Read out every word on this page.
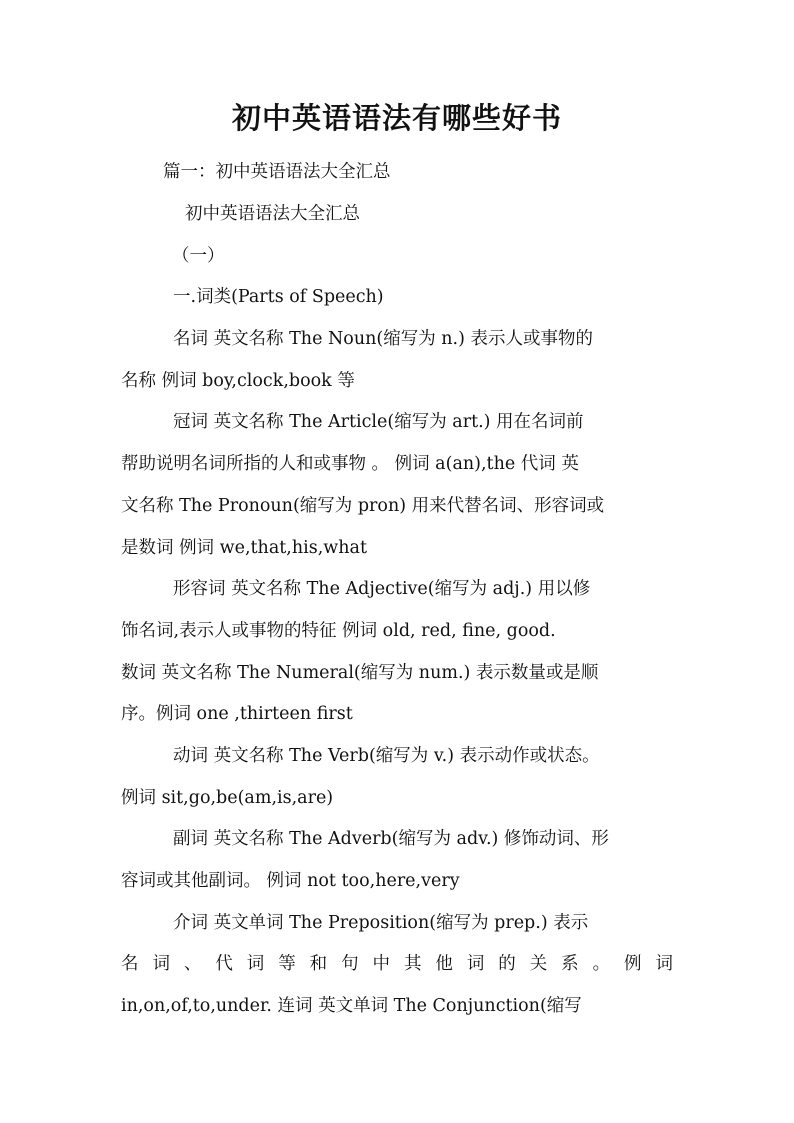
初中英语语法有哪些好书
篇一：初中英语语法大全汇总
初中英语语法大全汇总
（一）
一.词类(Parts of Speech)
名词 英文名称 The Noun(缩写为 n.) 表示人或事物的
名称 例词 boy,clock,book 等
冠词 英文名称 The Article(缩写为 art.) 用在名词前
帮助说明名词所指的人和或事物 。 例词 a(an),the 代词 英
文名称 The Pronoun(缩写为 pron) 用来代替名词、形容词或
是数词 例词 we,that,his,what
形容词 英文名称 The Adjective(缩写为 adj.) 用以修
饰名词,表示人或事物的特征 例词 old, red, fine, good.
数词 英文名称 The Numeral(缩写为 num.) 表示数量或是顺
序。例词 one ,thirteen first
动词 英文名称 The Verb(缩写为 v.) 表示动作或状态。
例词 sit,go,be(am,is,are)
副词 英文名称 The Adverb(缩写为 adv.) 修饰动词、形
容词或其他副词。 例词 not too,here,very
介词 英文单词 The Preposition(缩写为 prep.) 表示
名 词 、 代 词 等 和 句 中 其 他 词 的 关 系 。 例 词
in,on,of,to,under. 连词 英文单词 The Conjunction(缩写
